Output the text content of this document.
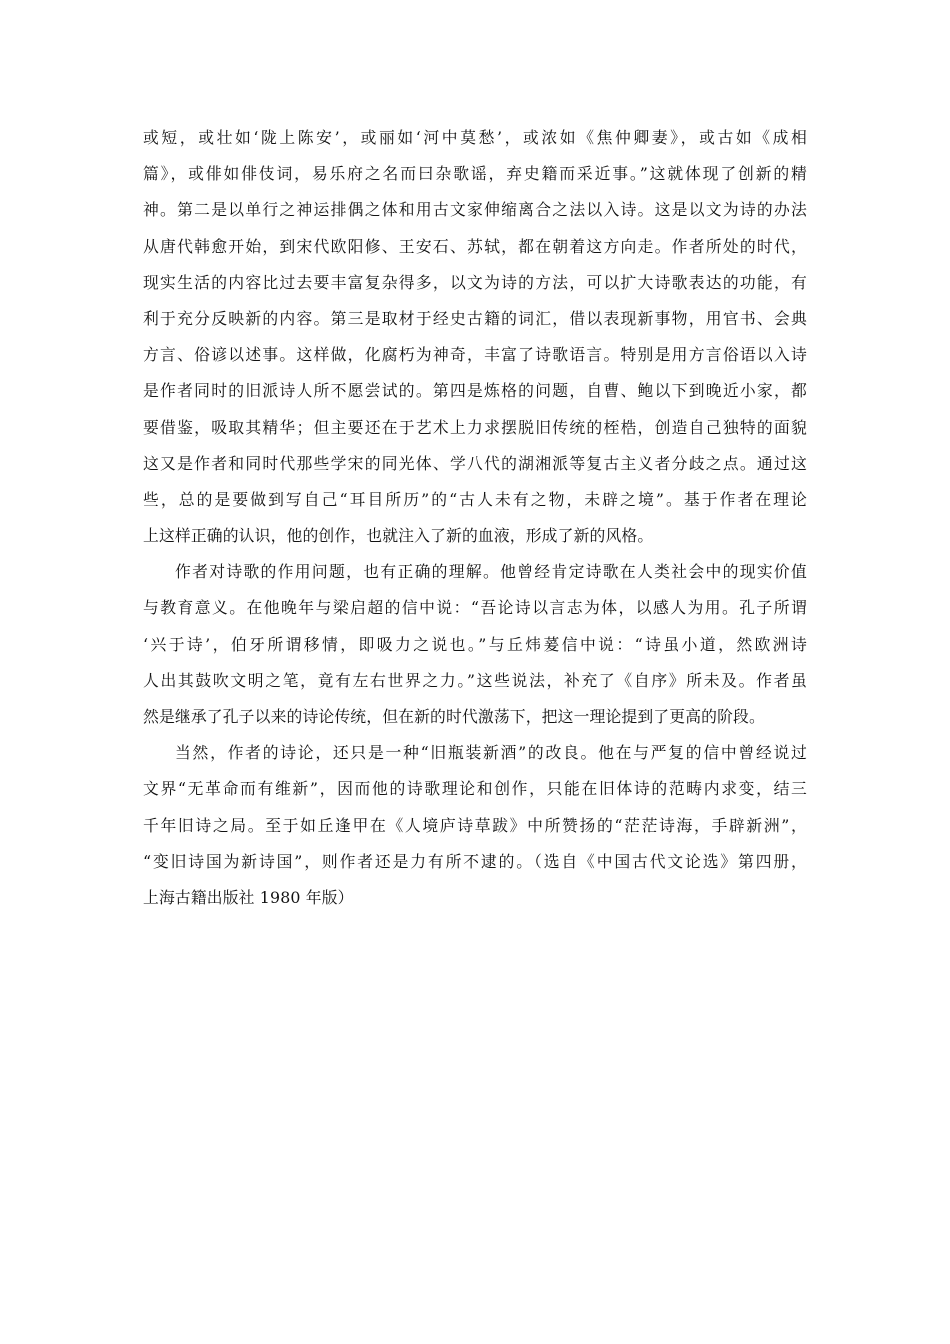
或短，或壮如‘陇上陈安’，或丽如‘河中莫愁’，或浓如《焦仲卿妻》，或古如《成相
篇》，或俳如俳伎词，易乐府之名而曰杂歌谣，弃史籍而采近事。”这就体现了创新的精
神。第二是以单行之神运排偶之体和用古文家伸缩离合之法以入诗。这是以文为诗的办法
从唐代韩愈开始，到宋代欧阳修、王安石、苏轼，都在朝着这方向走。作者所处的时代，
现实生活的内容比过去要丰富复杂得多，以文为诗的方法，可以扩大诗歌表达的功能，有
利于充分反映新的内容。第三是取材于经史古籍的词汇，借以表现新事物，用官书、会典
方言、俗谚以述事。这样做，化腐朽为神奇，丰富了诗歌语言。特别是用方言俗语以入诗
是作者同时的旧派诗人所不愿尝试的。第四是炼格的问题，自曹、鲍以下到晚近小家，都
要借鉴，吸取其精华；但主要还在于艺术上力求摆脱旧传统的桎梏，创造自己独特的面貌
这又是作者和同时代那些学宋的同光体、学八代的湖湘派等复古主义者分歧之点。通过这
些，总的是要做到写自己“耳目所历”的“古人未有之物，未辟之境”。基于作者在理论
上这样正确的认识，他的创作，也就注入了新的血液，形成了新的风格。
作者对诗歌的作用问题，也有正确的理解。他曾经肯定诗歌在人类社会中的现实价值
与教育意义。在他晚年与梁启超的信中说：“吾论诗以言志为体，以感人为用。孔子所谓
‘兴于诗’，伯牙所谓移情，即吸力之说也。”与丘炜萲信中说：“诗虽小道，然欧洲诗
人出其鼓吹文明之笔，竟有左右世界之力。”这些说法，补充了《自序》所未及。作者虽
然是继承了孔子以来的诗论传统，但在新的时代激荡下，把这一理论提到了更高的阶段。
当然，作者的诗论，还只是一种“旧瓶装新酒”的改良。他在与严复的信中曾经说过
文界“无革命而有维新”，因而他的诗歌理论和创作，只能在旧体诗的范畴内求变，结三
千年旧诗之局。至于如丘逢甲在《人境庐诗草跋》中所赞扬的“茫茫诗海，手辟新洲”，
“变旧诗国为新诗国”，则作者还是力有所不逮的。（选自《中国古代文论选》第四册，
上海古籍出版社 1980 年版）
